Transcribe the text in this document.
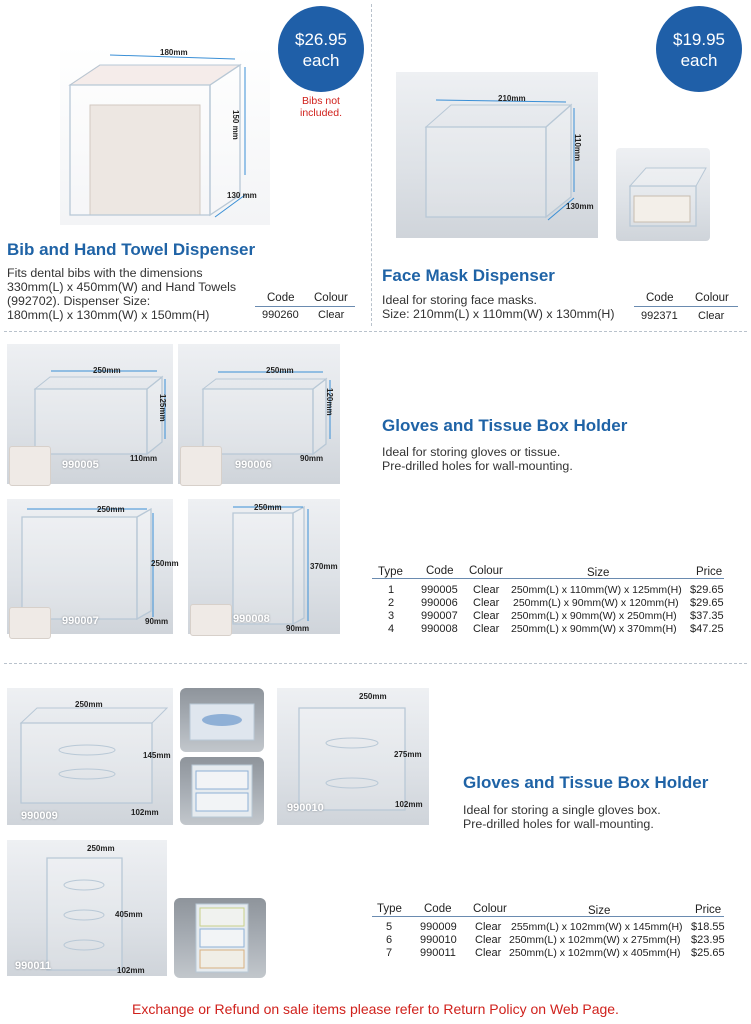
180mm
150 mm
130 mm
$26.95
each
Bibs not
included.
Bib and Hand Towel Dispenser
Fits dental bibs with the dimensions
330mm(L) x 450mm(W) and Hand Towels
(992702). Dispenser Size:
180mm(L) x 130mm(W) x 150mm(H)
Code Colour
990260 Clear
$19.95
each
210mm
110mm
130mm
Face Mask Dispenser
Ideal for storing face masks.
Size: 210mm(L) x 110mm(W) x 130mm(H)
Code Colour
992371 Clear
250mm
125mm
110mm
990005
250mm
120mm
90mm
990006
250mm
250mm
90mm
990007
250mm
370mm
90mm
990008
Gloves and Tissue Box Holder
Ideal for storing gloves or tissue.
Pre-drilled holes for wall-mounting.
Type Code Colour	Size	Price
1 990005 Clear 250mm(L) x 110mm(W) x 125mm(H) $29.65
2 990006 Clear 250mm(L) x 90mm(W) x 120mm(H) $29.65
3 990007 Clear 250mm(L) x 90mm(W) x 250mm(H) $37.35
4 990008 Clear 250mm(L) x 90mm(W) x 370mm(H) $47.25
250mm
145mm
102mm
990009
250mm
275mm
102mm
990010
250mm
405mm
102mm
990011
Gloves and Tissue Box Holder
Ideal for storing a single gloves box.
Pre-drilled holes for wall-mounting.
Type Code Colour	Size	Price
5	990009 Clear 255mm(L) x 102mm(W) x 145mm(H) $18.55
6	990010 Clear 250mm(L) x 102mm(W) x 275mm(H) $23.95
7	990011 Clear 250mm(L) x 102mm(W) x 405mm(H) $25.65
Exchange or Refund on sale items please refer to Return Policy on Web Page.
